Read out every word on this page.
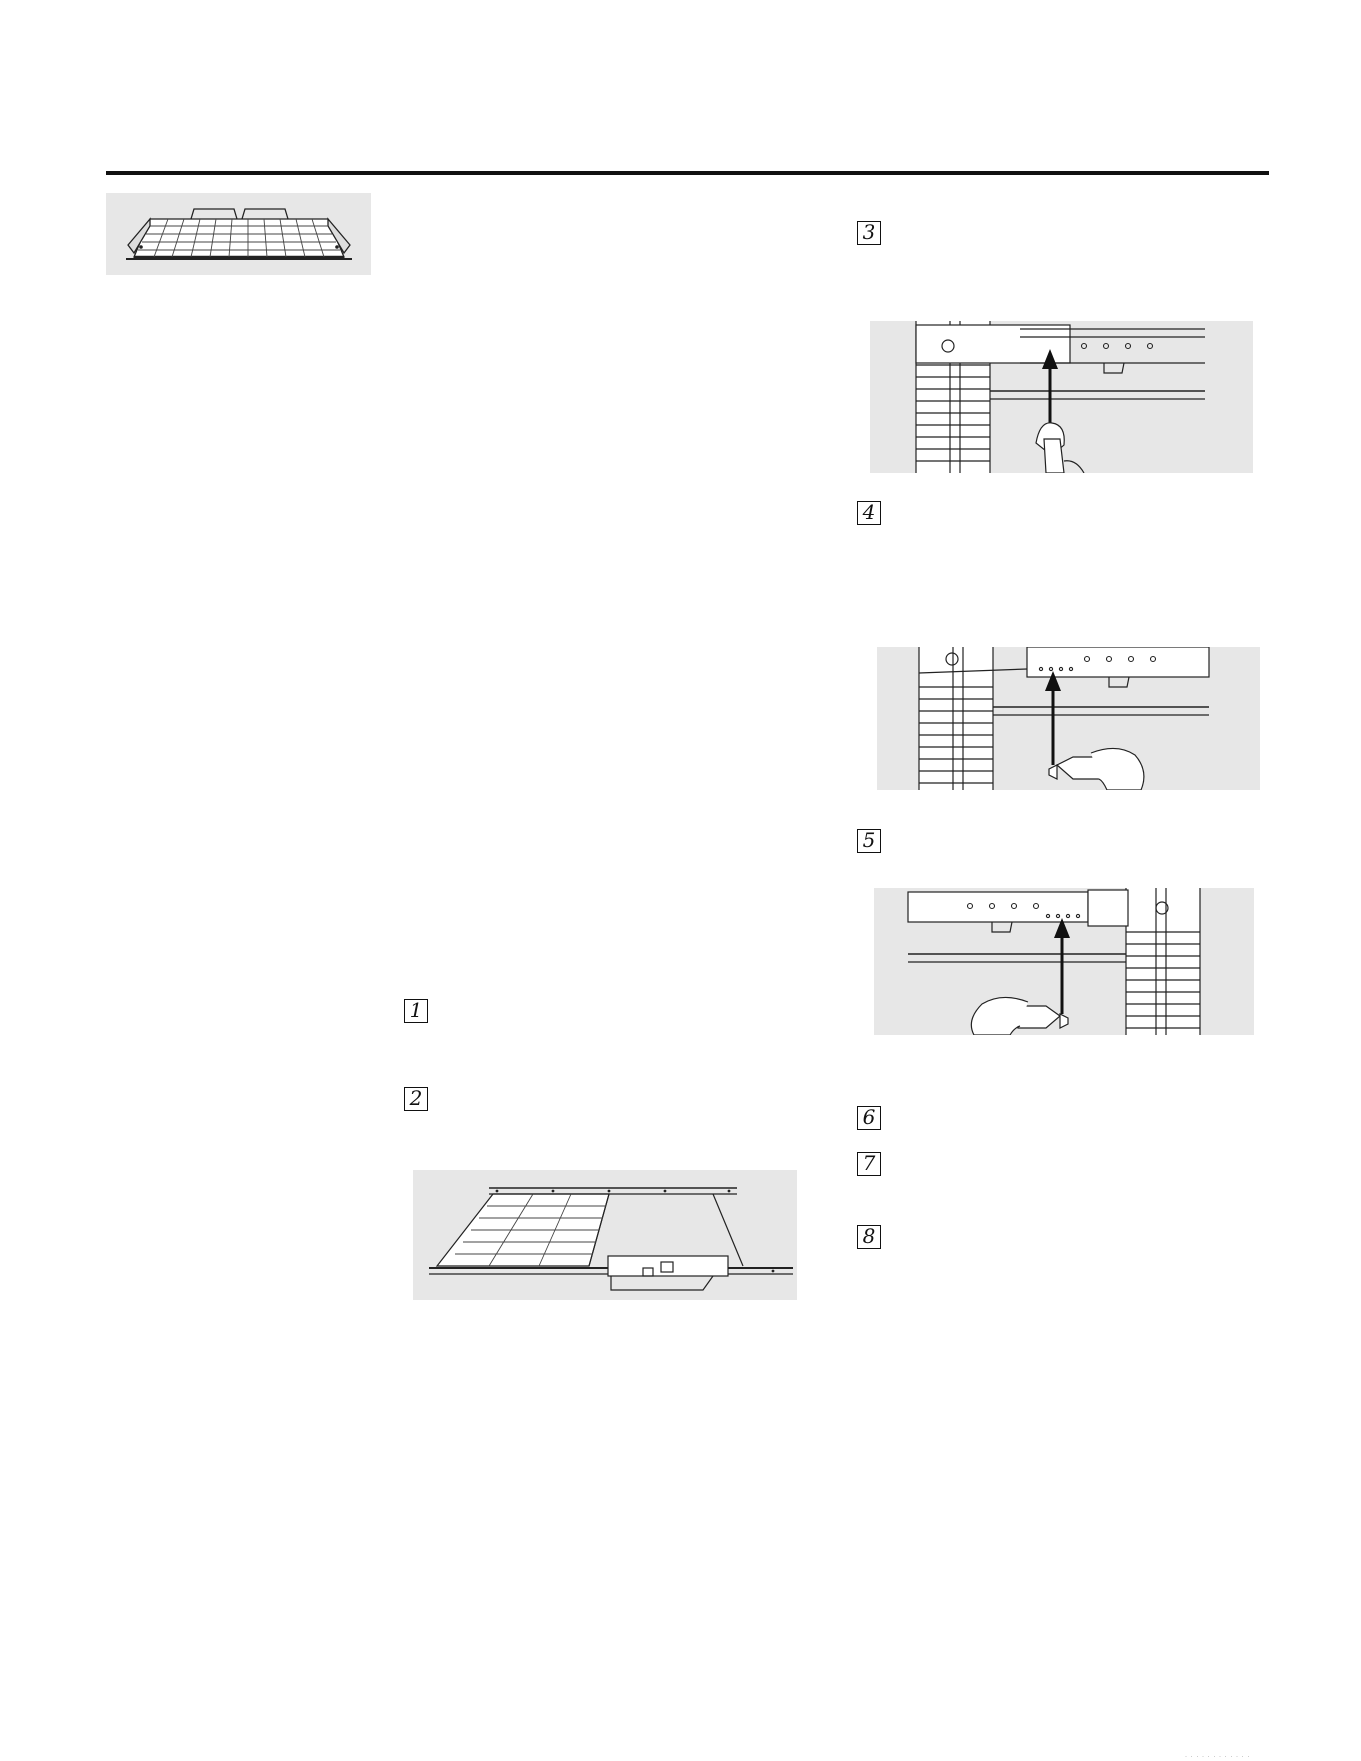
1
2
3
4
5
6
7
8
· · · · · · · · · · · ·
